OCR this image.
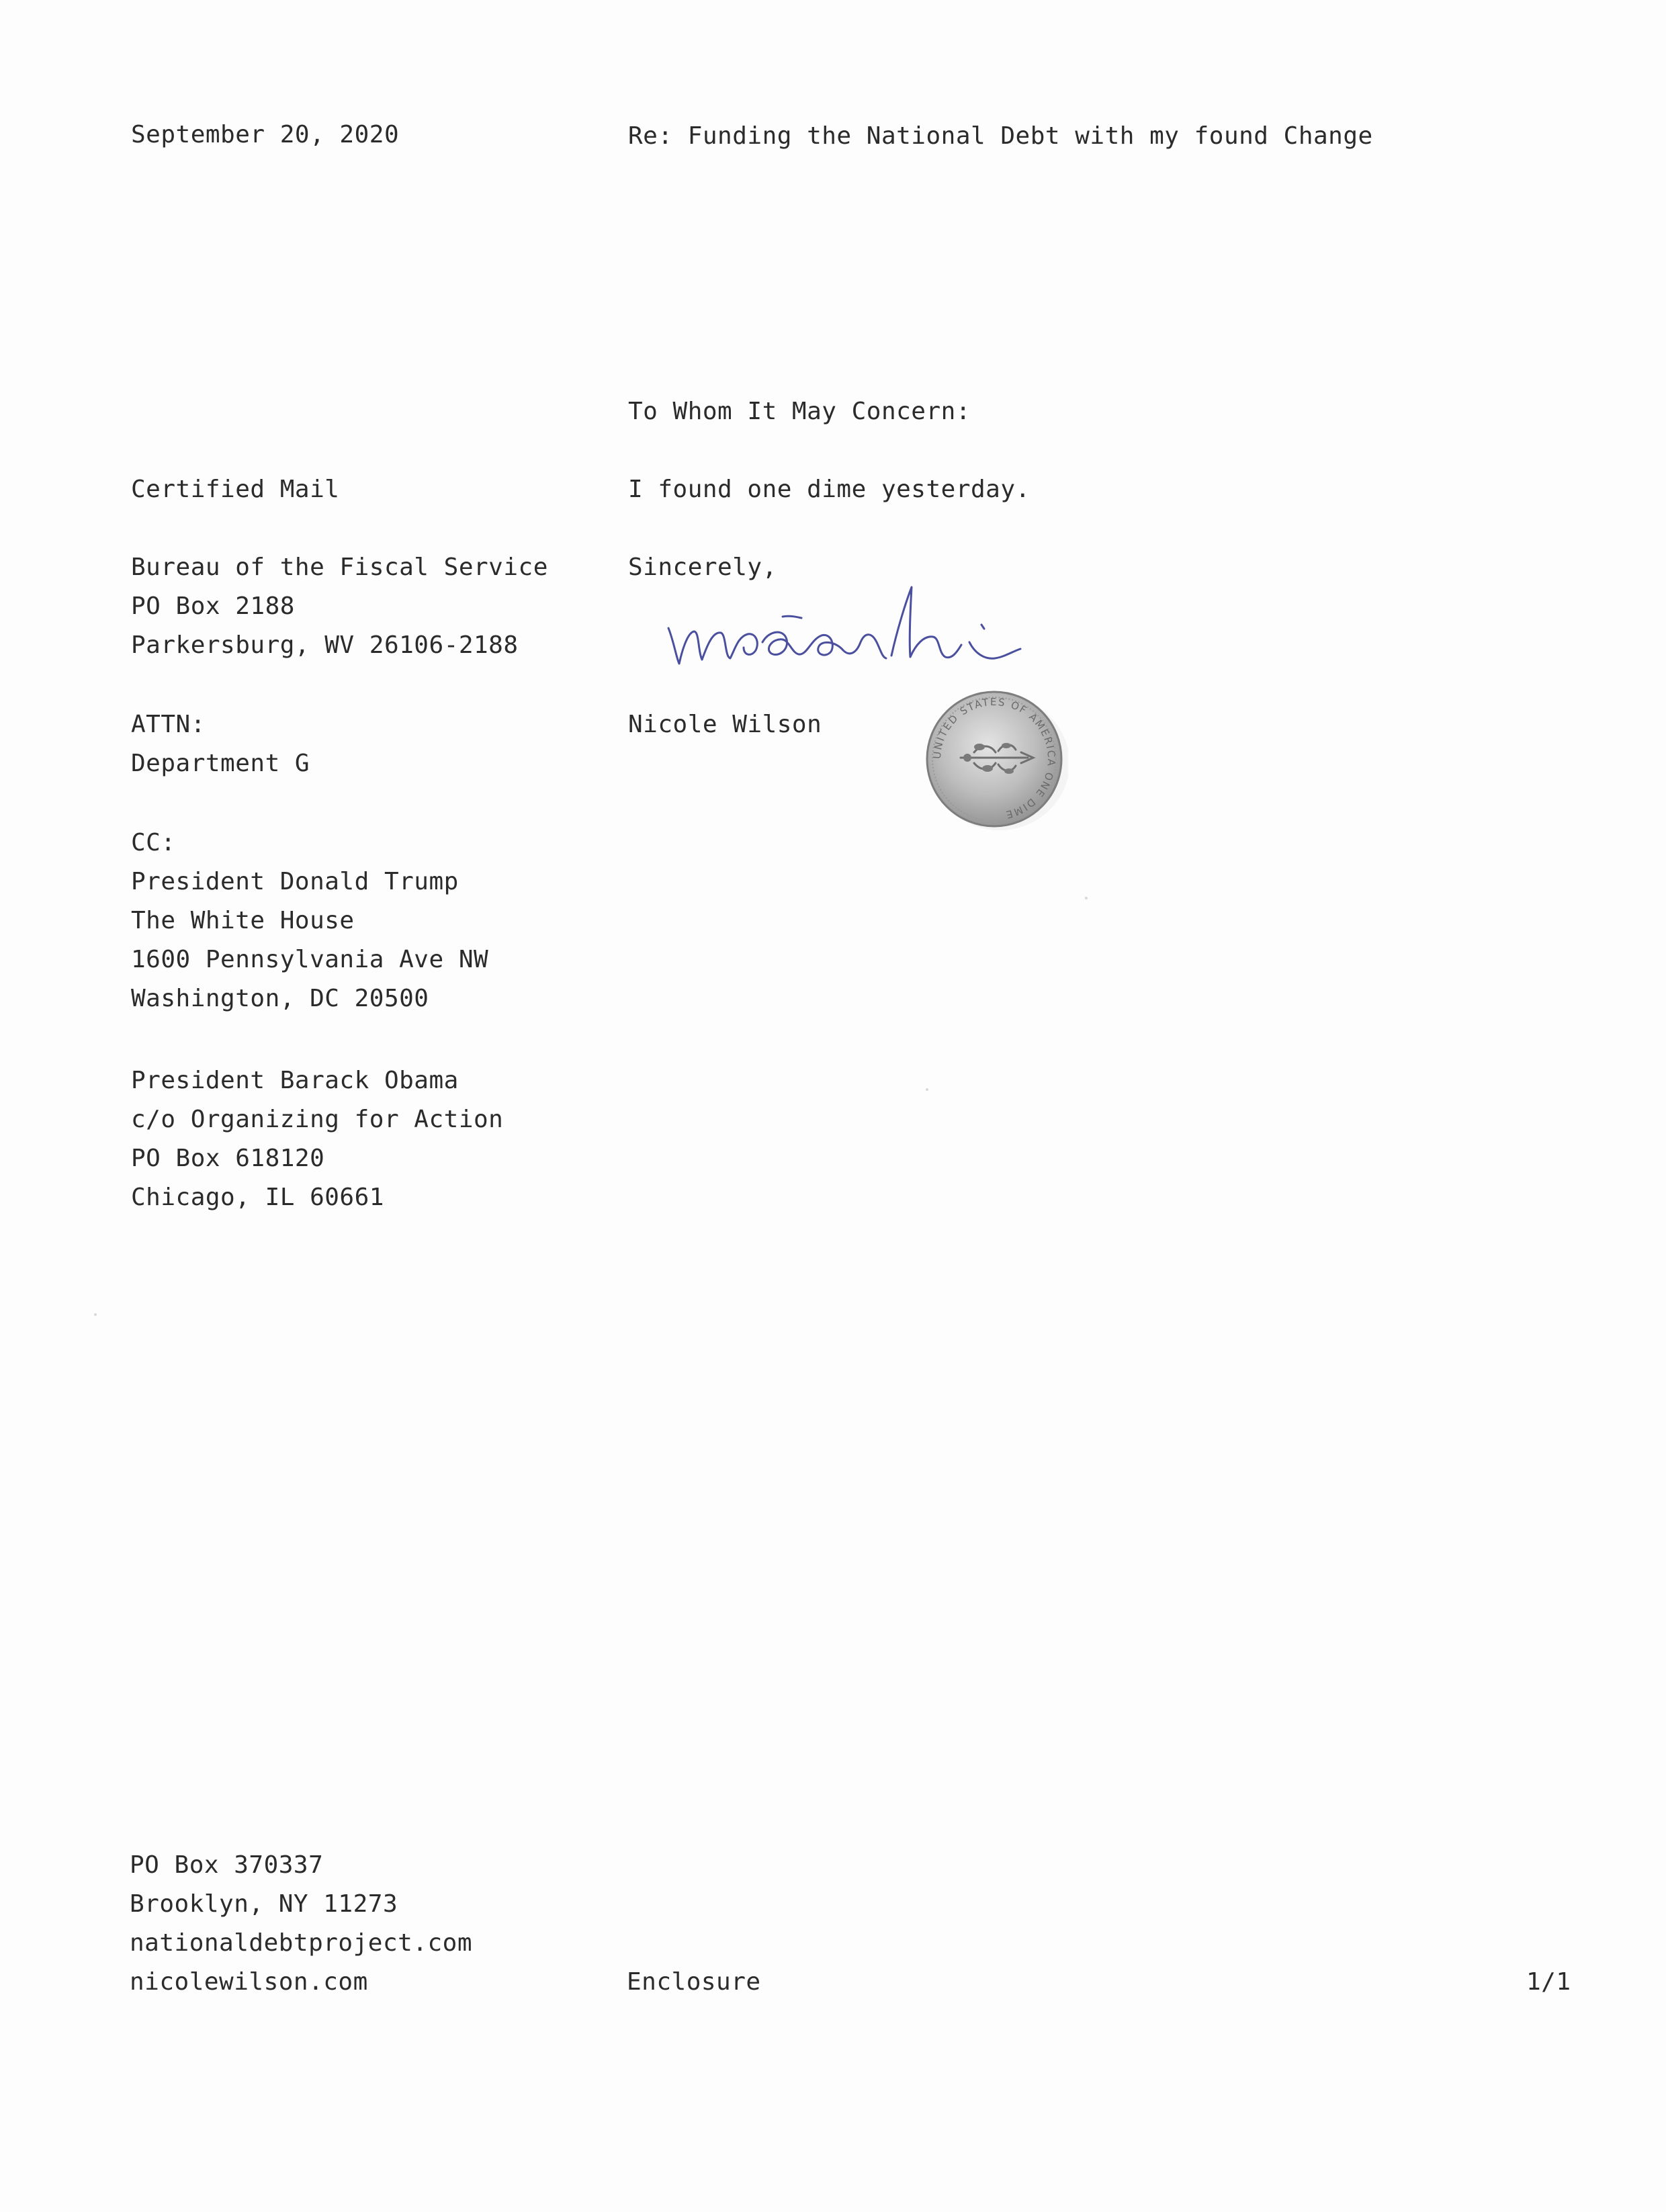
September 20, 2020	Re: Funding the National Debt with my found Change
To Whom It May Concern:
I found one dime yesterday.
Sincerely,
Nicole Wilson
UNITED STATES OF AMERICA ONE DIME
Certified Mail
Bureau of the Fiscal Service
PO Box 2188
Parkersburg, WV 26106-2188
ATTN:
Department G
CC:
President Donald Trump
The White House
1600 Pennsylvania Ave NW
Washington, DC 20500
President Barack Obama
c/o Organizing for Action
PO Box 618120
Chicago, IL 60661
PO Box 370337
Brooklyn, NY 11273
nationaldebtproject.com
nicolewilson.com	Enclosure	1/1
